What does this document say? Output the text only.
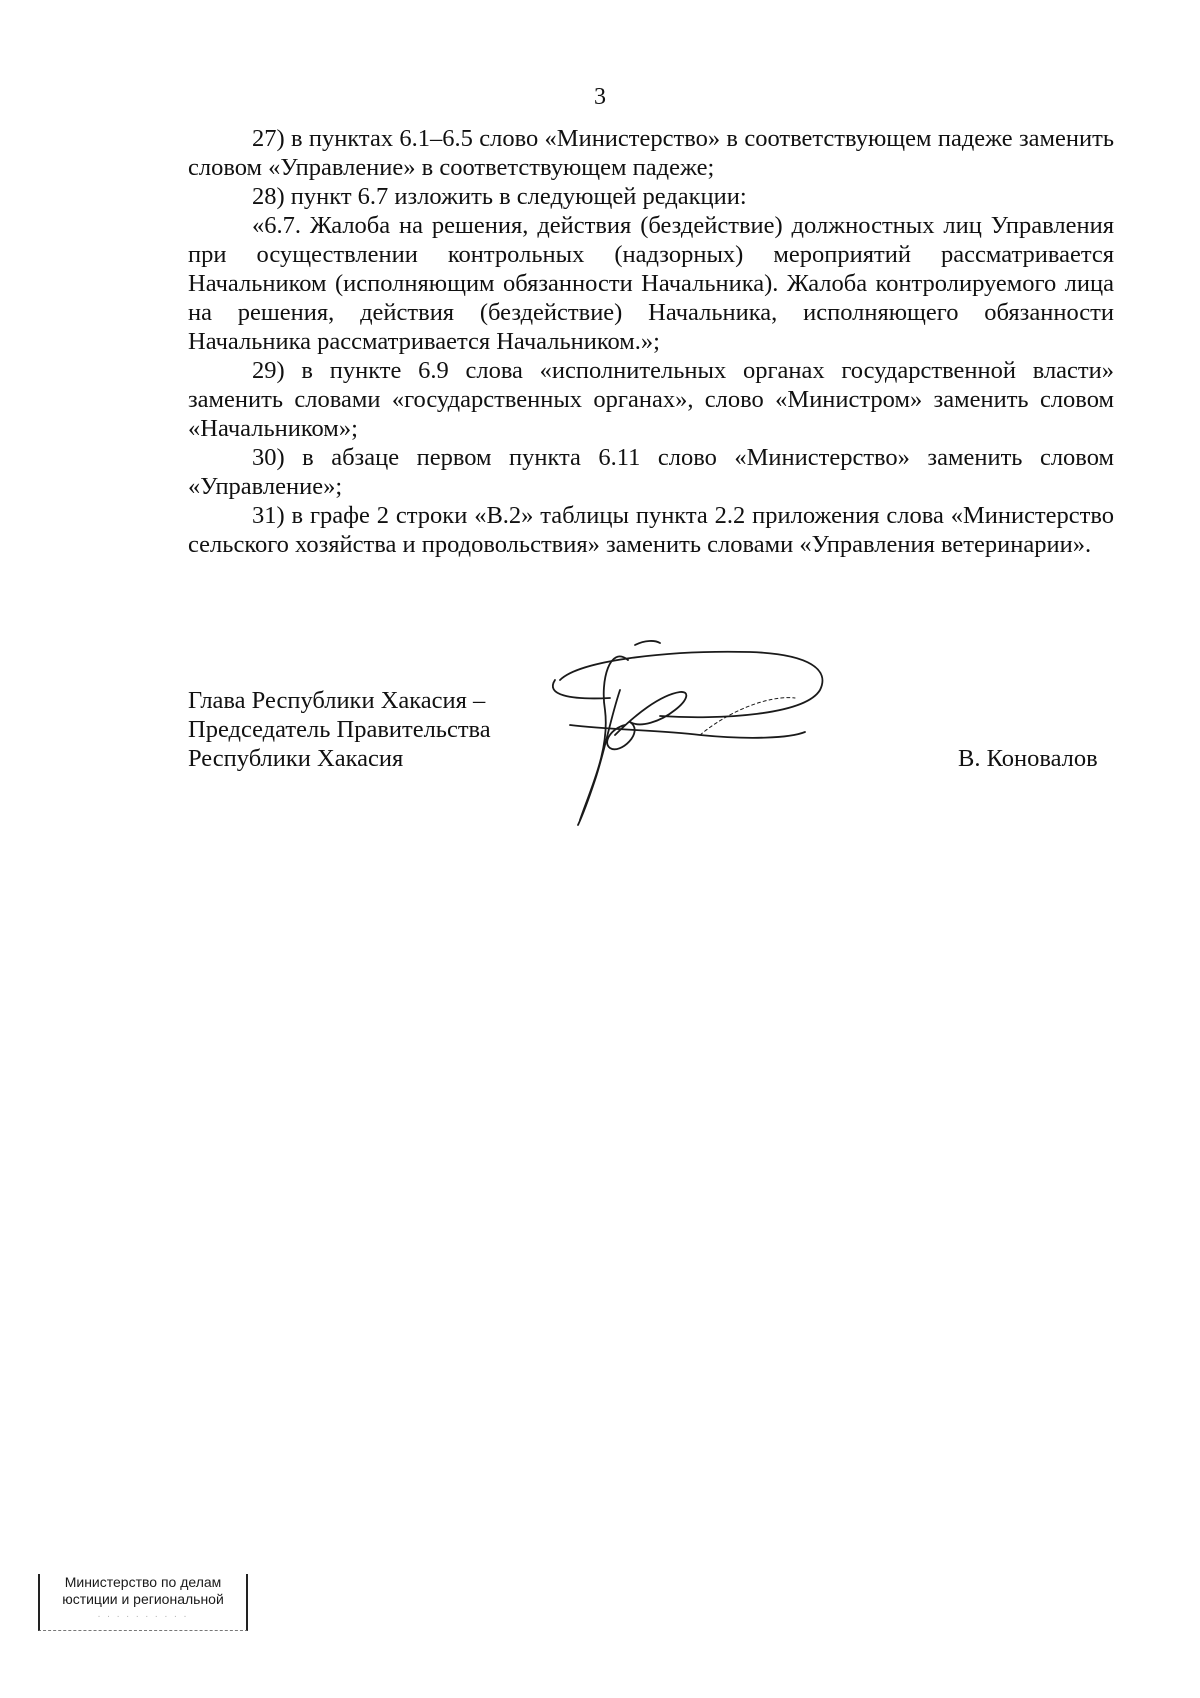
3

27) в пунктах 6.1–6.5 слово «Министерство» в соответствующем падеже заменить словом «Управление» в соответствующем падеже;

28) пункт 6.7 изложить в следующей редакции:

«6.7. Жалоба на решения, действия (бездействие) должностных лиц Управления при осуществлении контрольных (надзорных) мероприятий рассматривается Начальником (исполняющим обязанности Начальника). Жалоба контролируемого лица на решения, действия (бездействие) Начальника, исполняющего обязанности Начальника рассматривается Начальником.»;

29) в пункте 6.9 слова «исполнительных органах государственной власти» заменить словами «государственных органах», слово «Министром» заменить словом «Начальником»;

30) в абзаце первом пункта 6.11 слово «Министерство» заменить словом «Управление»;

31) в графе 2 строки «В.2» таблицы пункта 2.2 приложения слова «Министерство сельского хозяйства и продовольствия» заменить словами «Управления ветеринарии».

Глава Республики Хакасия –
Председатель Правительства
Республики Хакасия	В. Коновалов
Министерство по делам
юстиции и региональной
. . . . . . . . . .
